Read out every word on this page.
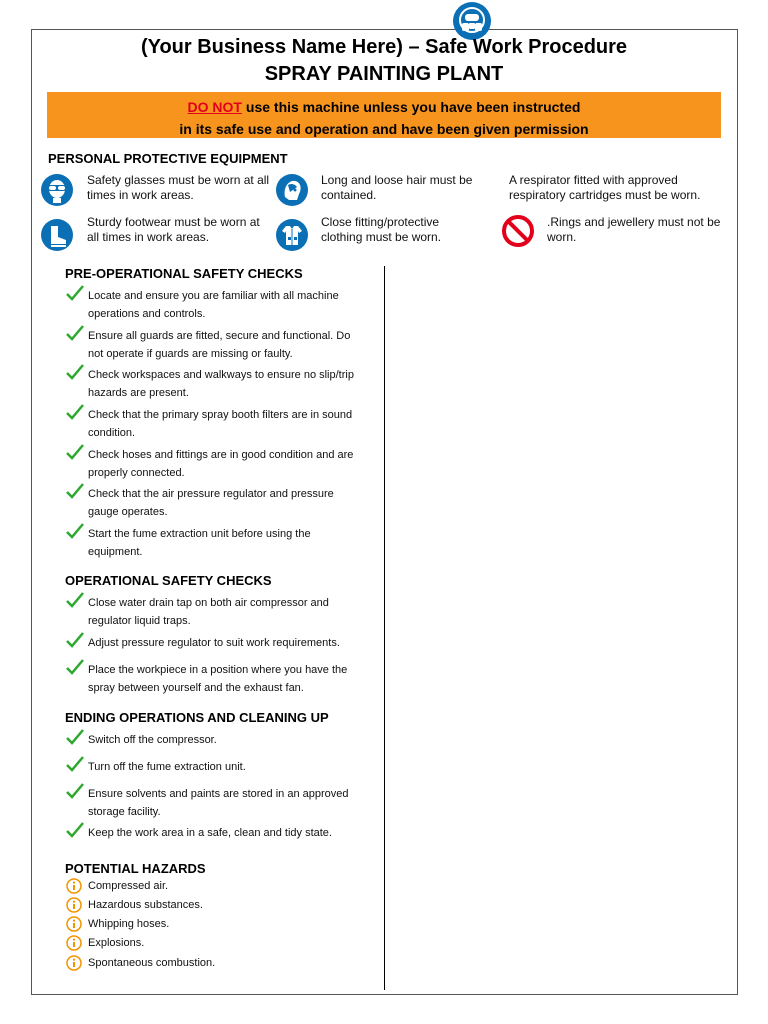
(Your Business Name Here) – Safe Work Procedure
SPRAY PAINTING PLANT
DO NOT use this machine unless you have been instructed
in its safe use and operation and have been given permission
PERSONAL PROTECTIVE EQUIPMENT
Safety glasses must be worn at all times in work areas.
Long and loose hair must be contained.
A respirator fitted with approved respiratory cartridges must be worn.
Sturdy footwear must be worn at all times in work areas.
Close fitting/protective clothing must be worn.
.Rings and jewellery must not be worn.
PRE-OPERATIONAL SAFETY CHECKS
Locate and ensure you are familiar with all machine operations and controls.
Ensure all guards are fitted, secure and functional. Do not operate if guards are missing or faulty.
Check workspaces and walkways to ensure no slip/trip hazards are present.
Check that the primary spray booth filters are in sound condition.
Check hoses and fittings are in good condition and are properly connected.
Check that the air pressure regulator and pressure gauge operates.
Start the fume extraction unit before using the equipment.
OPERATIONAL SAFETY CHECKS
Close water drain tap on both air compressor and regulator liquid traps.
Adjust pressure regulator to suit work requirements.
Place the workpiece in a position where you have the spray between yourself and the exhaust fan.
ENDING OPERATIONS AND CLEANING UP
Switch off the compressor.
Turn off the fume extraction unit.
Ensure solvents and paints are stored in an approved storage facility.
Keep the work area in a safe, clean and tidy state.
POTENTIAL HAZARDS
Compressed air.
Hazardous substances.
Whipping hoses.
Explosions.
Spontaneous combustion.
